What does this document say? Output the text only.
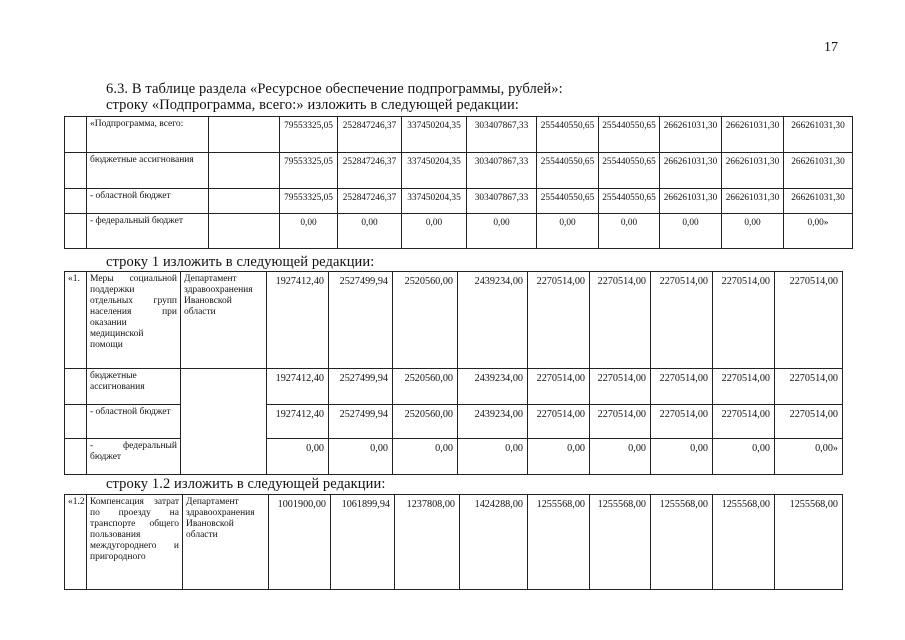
17
6.3. В таблице раздела «Ресурсное обеспечение подпрограммы, рублей»:
строку «Подпрограмма, всего:» изложить в следующей редакции:
	«Подпрограмма, всего:		79553325,05	252847246,37	337450204,35	303407867,33	255440550,65	255440550,65	266261031,30	266261031,30	266261031,30
	бюджетные ассигнования		79553325,05	252847246,37	337450204,35	303407867,33	255440550,65	255440550,65	266261031,30	266261031,30	266261031,30
	- областной бюджет		79553325,05	252847246,37	337450204,35	303407867,33	255440550,65	255440550,65	266261031,30	266261031,30	266261031,30
	- федеральный бюджет		0,00	0,00	0,00	0,00	0,00	0,00	0,00	0,00	0,00»
строку 1 изложить в следующей редакции:
«1.	Меры социальной поддержки отдельных групп населения при оказании медицинской помощи	Департамент здравоохранения Ивановской области	1927412,40	2527499,94	2520560,00	2439234,00	2270514,00	2270514,00	2270514,00	2270514,00	2270514,00
	бюджетные ассигнования		1927412,40	2527499,94	2520560,00	2439234,00	2270514,00	2270514,00	2270514,00	2270514,00	2270514,00
	- областной бюджет		1927412,40	2527499,94	2520560,00	2439234,00	2270514,00	2270514,00	2270514,00	2270514,00	2270514,00
	- федеральный бюджет		0,00	0,00	0,00	0,00	0,00	0,00	0,00	0,00	0,00»
строку 1.2 изложить в следующей редакции:
«1.2	Компенсация затрат по проезду на транспорте общего пользования междугороднего и пригородного	Департамент здравоохранения Ивановской области	1001900,00	1061899,94	1237808,00	1424288,00	1255568,00	1255568,00	1255568,00	1255568,00	1255568,00
